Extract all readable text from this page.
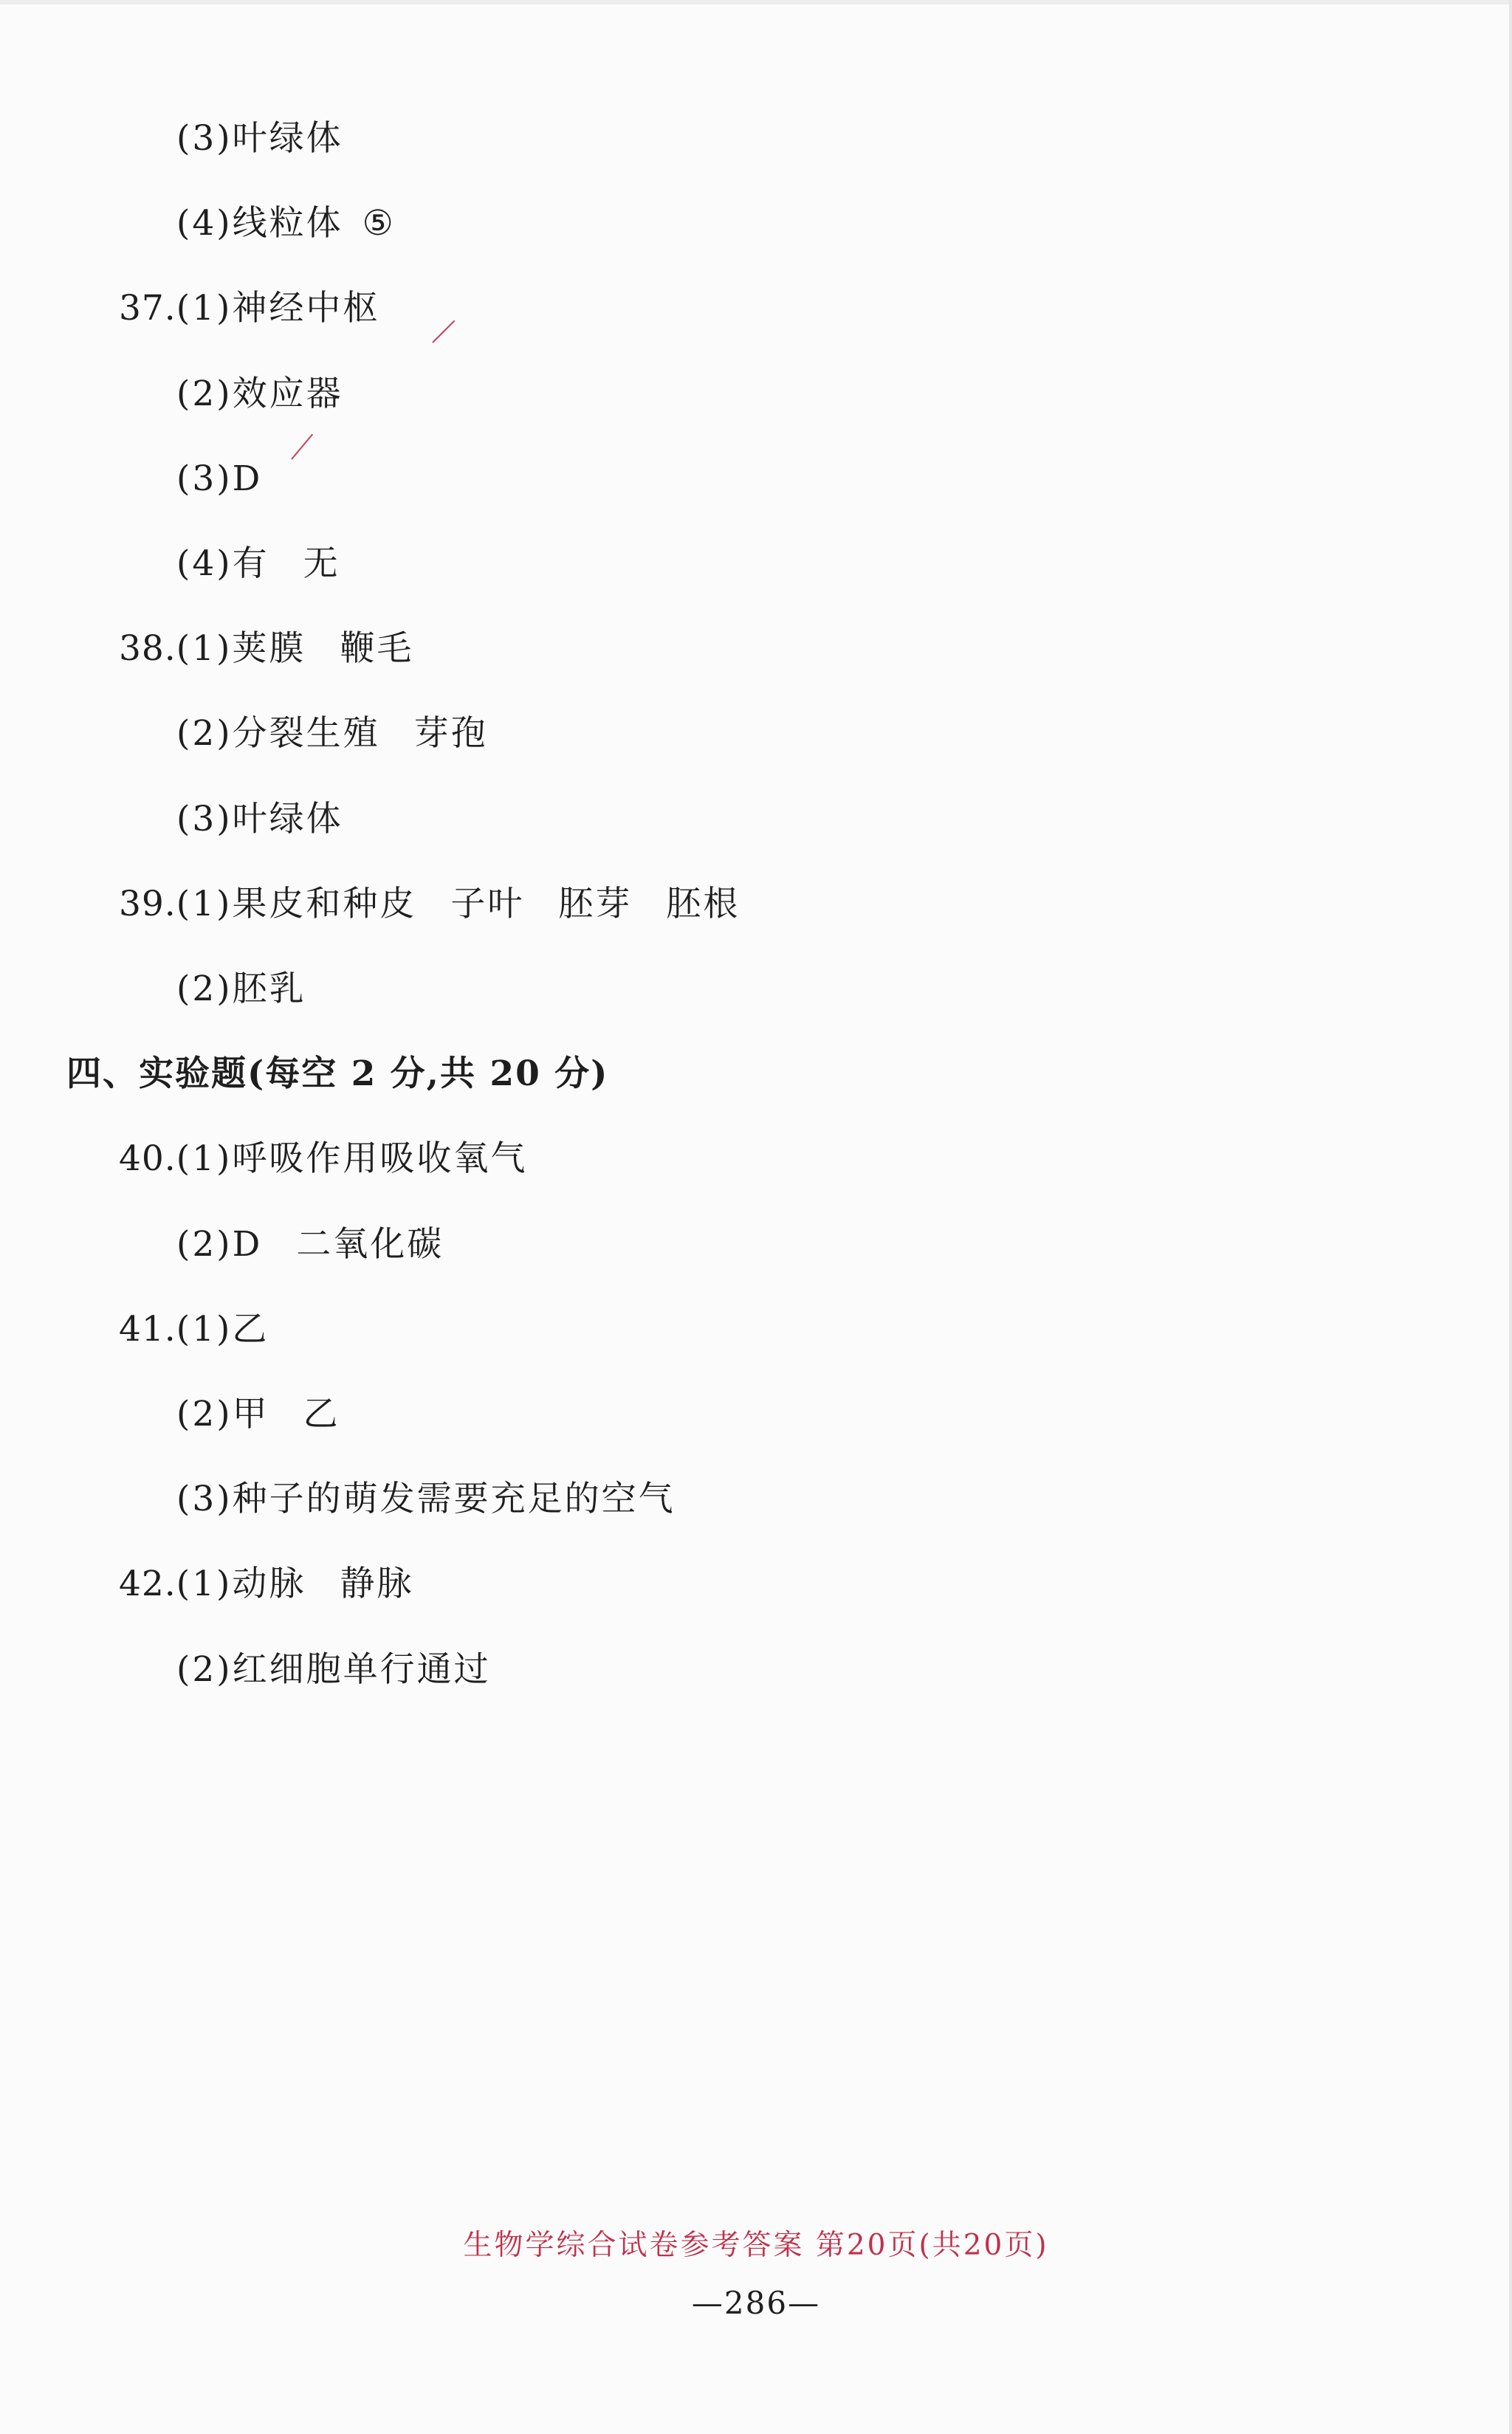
(3)叶绿体
(4)线粒体 ⑤
37.(1)神经中枢
(2)效应器
(3)D
(4)有 无
38.(1)荚膜 鞭毛
(2)分裂生殖 芽孢
(3)叶绿体
39.(1)果皮和种皮 子叶 胚芽 胚根
(2)胚乳
四、实验题(每空 2 分,共 20 分)
40.(1)呼吸作用吸收氧气
(2)D 二氧化碳
41.(1)乙
(2)甲 乙
(3)种子的萌发需要充足的空气
42.(1)动脉 静脉
(2)红细胞单行通过
生物学综合试卷参考答案 第20页(共20页)
—286—
